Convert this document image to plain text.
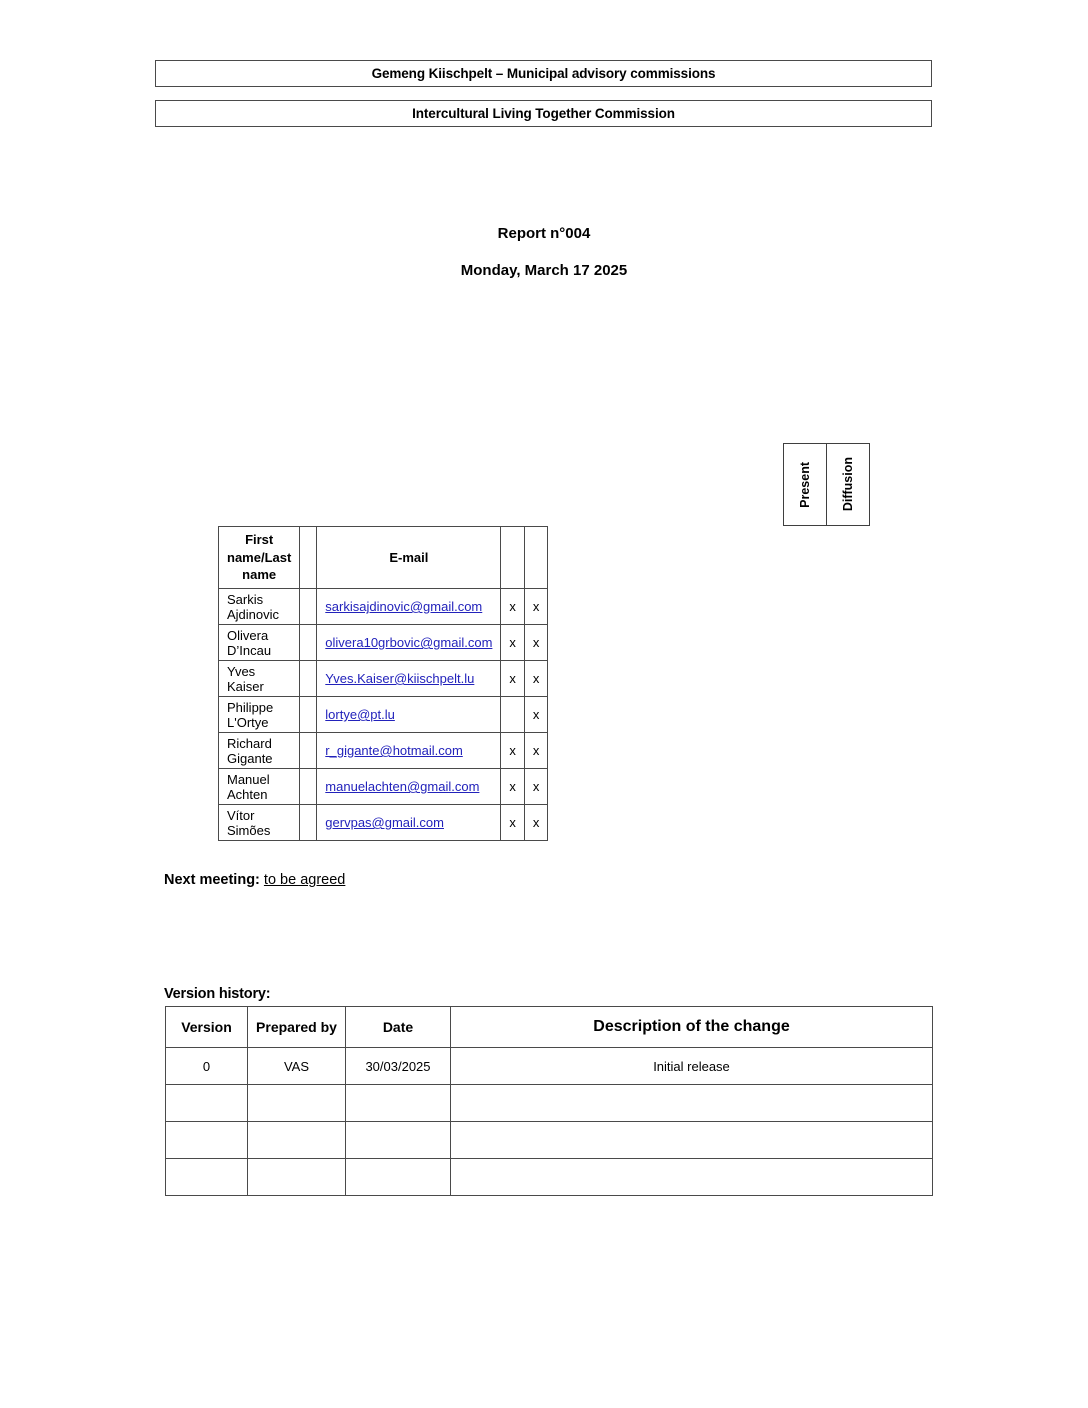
Gemeng Kiischpelt – Municipal advisory commissions
Intercultural Living Together Commission
Report n°004
Monday, March 17 2025
Present Diffusion
First name/Last name		E-mail		
Sarkis Ajdinovic		sarkisajdinovic@gmail.com	x	x
Olivera D’Incau		olivera10grbovic@gmail.com	x	x
Yves Kaiser		Yves.Kaiser@kiischpelt.lu	x	x
Philippe L'Ortye		lortye@pt.lu		x
Richard Gigante		r_gigante@hotmail.com	x	x
Manuel Achten		manuelachten@gmail.com	x	x
Vítor Simões		gervpas@gmail.com	x	x
Next meeting: to be agreed
Version history:
Version	Prepared by	Date	Description of the change
0	VAS	30/03/2025	Initial release
